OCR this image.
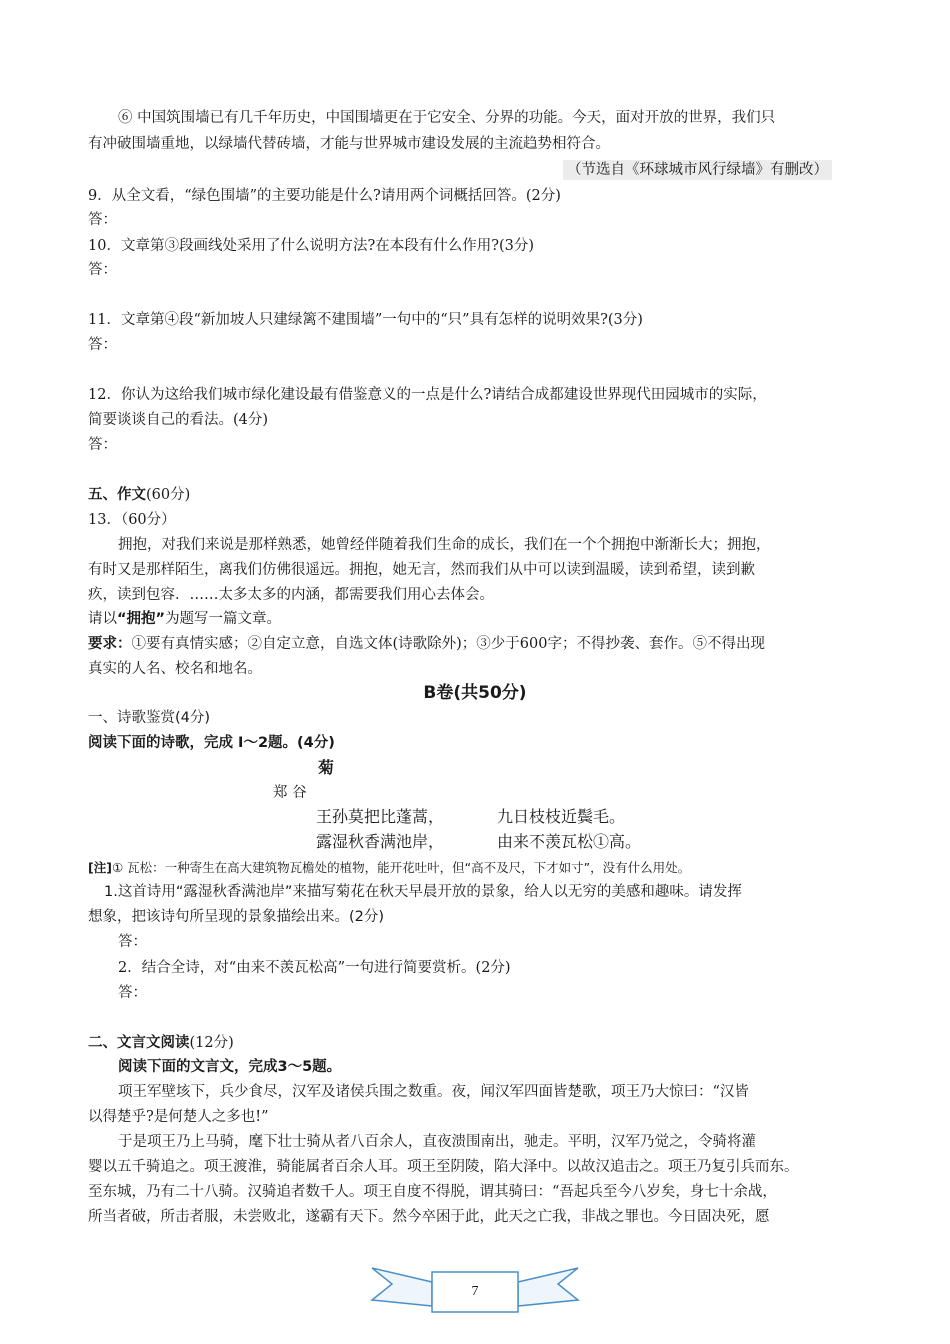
⑥ 中国筑围墙已有几千年历史，中国围墙更在于它安全、分界的功能。今天，面对开放的世界，我们只
有冲破围墙重地，以绿墙代替砖墙，才能与世界城市建设发展的主流趋势相符合。
（节选自《环球城市风行绿墙》有删改）
9．从全文看，“绿色围墙”的主要功能是什么?请用两个词概括回答。(2分)
答：
10．文章第③段画线处采用了什么说明方法?在本段有什么作用?(3分)
答：
11．文章第④段“新加坡人只建绿篱不建围墙”一句中的“只”具有怎样的说明效果?(3分)
答：
12．你认为这给我们城市绿化建设最有借鉴意义的一点是什么?请结合成都建设世界现代田园城市的实际，
简要谈谈自己的看法。(4分)
答：
五、作文(60分)
13．（60分）
拥抱，对我们来说是那样熟悉，她曾经伴随着我们生命的成长，我们在一个个拥抱中渐渐长大；拥抱，
有时又是那样陌生，离我们仿佛很遥远。拥抱，她无言，然而我们从中可以读到温暖，读到希望，读到歉
疚，读到包容．……太多太多的内涵，都需要我们用心去体会。
请以“拥抱”为题写一篇文章。
要求：①要有真情实感；②自定立意，自选文体(诗歌除外)；③少于600字；不得抄袭、套作。⑤不得出现
真实的人名、校名和地名。
B卷(共50分)
一、诗歌鉴赏(4分)
阅读下面的诗歌，完成 I～2题。(4分)
菊
郑 谷
王孙莫把比蓬蒿，	九日枝枝近鬓毛。
露湿秋香满池岸，	由来不羡瓦松①高。
[注]① 瓦松：一种寄生在高大建筑物瓦檐处的植物，能开花吐叶，但“高不及尺，下才如寸”，没有什么用处。
1.这首诗用“露湿秋香满池岸”来描写菊花在秋天早晨开放的景象，给人以无穷的美感和趣味。请发挥
想象，把该诗句所呈现的景象描绘出来。(2分)
答：
2．结合全诗，对“由来不羡瓦松高”一句进行简要赏析。(2分)
答：
二、文言文阅读(12分)
阅读下面的文言文，完成3～5题。
项王军壁垓下，兵少食尽，汉军及诸侯兵围之数重。夜，闻汉军四面皆楚歌，项王乃大惊曰：“汉皆
以得楚乎?是何楚人之多也!”
于是项王乃上马骑，麾下壮士骑从者八百余人，直夜溃围南出，驰走。平明，汉军乃觉之，令骑将灌
婴以五千骑追之。项王渡淮，骑能属者百余人耳。项王至阴陵，陷大泽中。以故汉追击之。项王乃复引兵而东。
至东城，乃有二十八骑。汉骑追者数千人。项王自度不得脱，谓其骑曰：“吾起兵至今八岁矣，身七十余战，
所当者破，所击者服，未尝败北，遂霸有天下。然今卒困于此，此天之亡我，非战之罪也。今日固决死，愿
7
